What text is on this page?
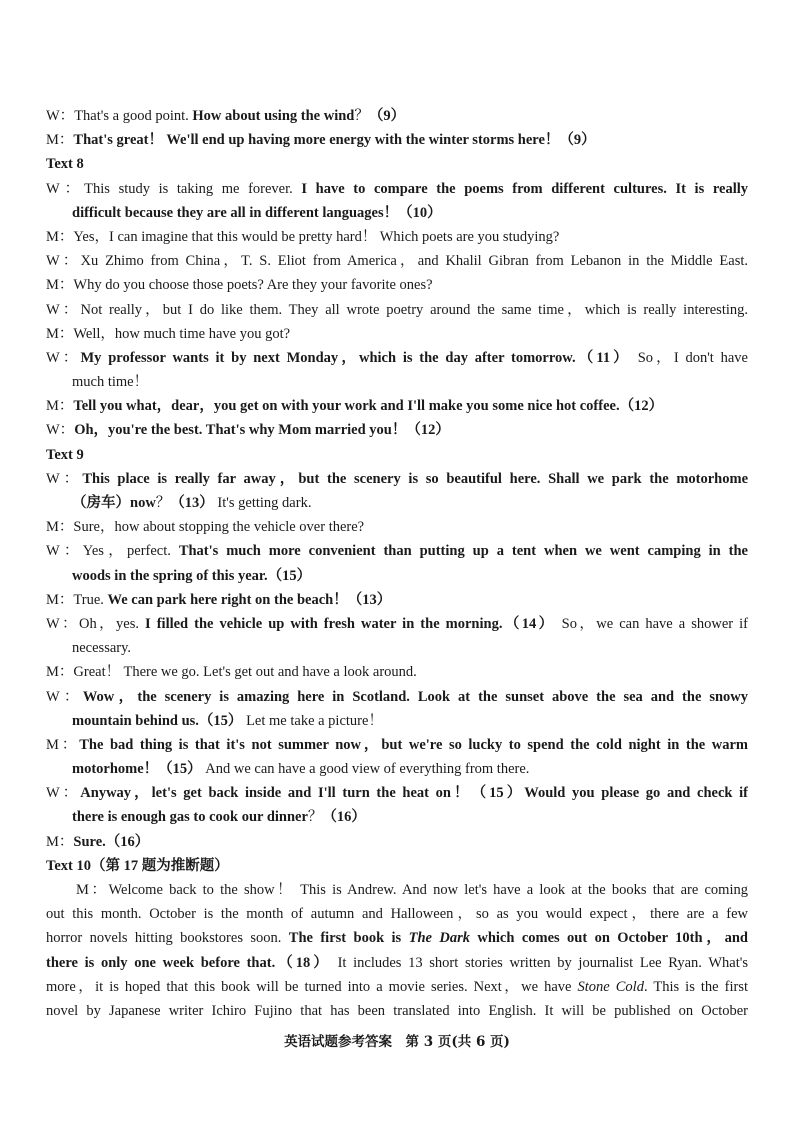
W：That's a good point. How about using the wind？（9）
M：That's great！ We'll end up having more energy with the winter storms here！（9）
Text 8
W：This study is taking me forever. I have to compare the poems from different cultures. It is really
difficult because they are all in different languages！（10）
M：Yes，I can imagine that this would be pretty hard！ Which poets are you studying?
W：Xu Zhimo from China，T. S. Eliot from America，and Khalil Gibran from Lebanon in the Middle East.
M：Why do you choose those poets? Are they your favorite ones?
W：Not really，but I do like them. They all wrote poetry around the same time，which is really interesting.
M：Well，how much time have you got?
W：My professor wants it by next Monday，which is the day after tomorrow.（11） So，I don't have
much time！
M：Tell you what，dear，you get on with your work and I'll make you some nice hot coffee.（12）
W：Oh，you're the best. That's why Mom married you！（12）
Text 9
W：This place is really far away，but the scenery is so beautiful here. Shall we park the motorhome
（房车）now？（13） It's getting dark.
M：Sure，how about stopping the vehicle over there?
W：Yes，perfect. That's much more convenient than putting up a tent when we went camping in the
woods in the spring of this year.（15）
M：True. We can park here right on the beach！（13）
W：Oh，yes. I filled the vehicle up with fresh water in the morning.（14） So，we can have a shower if
necessary.
M：Great！ There we go. Let's get out and have a look around.
W：Wow，the scenery is amazing here in Scotland. Look at the sunset above the sea and the snowy
mountain behind us.（15） Let me take a picture！
M：The bad thing is that it's not summer now，but we're so lucky to spend the cold night in the warm
motorhome！（15） And we can have a good view of everything from there.
W：Anyway，let's get back inside and I'll turn the heat on！（15）Would you please go and check if
there is enough gas to cook our dinner？（16）
M：Sure.（16）
Text 10（第 17 题为推断题）
M：Welcome back to the show！ This is Andrew. And now let's have a look at the books that are coming
out this month. October is the month of autumn and Halloween，so as you would expect，there are a few
horror novels hitting bookstores soon. The first book is The Dark which comes out on October 10th，and
there is only one week before that.（18） It includes 13 short stories written by journalist Lee Ryan. What's
more，it is hoped that this book will be turned into a movie series. Next，we have Stone Cold. This is the first
novel by Japanese writer Ichiro Fujino that has been translated into English. It will be published on October
英语试题参考答案　第 3 页(共 6 页)
